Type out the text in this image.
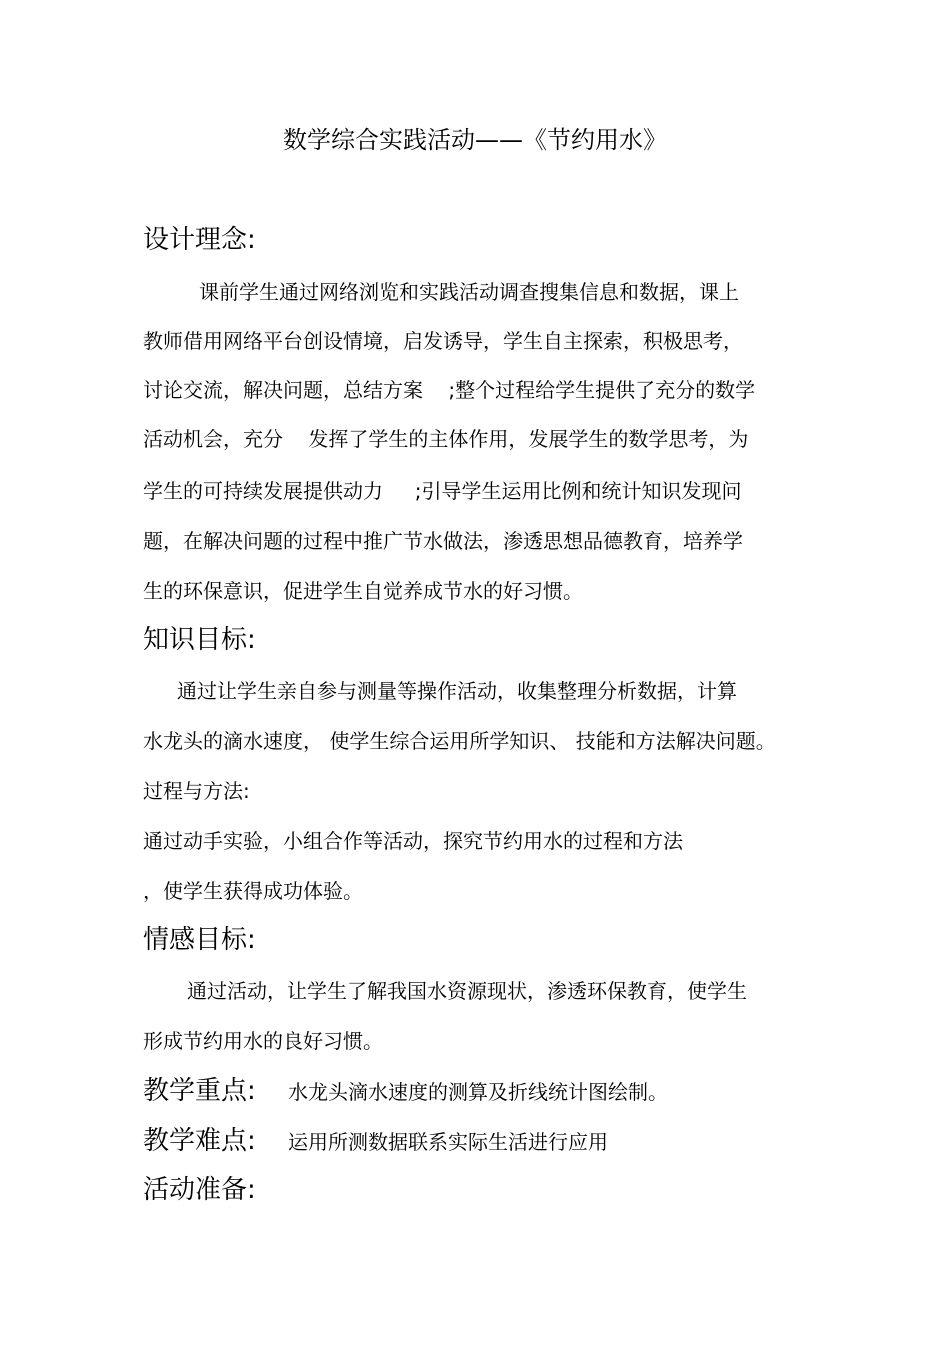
数学综合实践活动——《节约用水》
设计理念:
课前学生通过网络浏览和实践活动调查搜集信息和数据，课上
教师借用网络平台创设情境，启发诱导，学生自主探索，积极思考，
讨论交流，解决问题，总结方案    ;整个过程给学生提供了充分的数学
活动机会，充分    发挥了学生的主体作用，发展学生的数学思考，为
学生的可持续发展提供动力     ;引导学生运用比例和统计知识发现问
题，在解决问题的过程中推广节水做法，渗透思想品德教育，培养学
生的环保意识，促进学生自觉养成节水的好习惯。
知识目标:
通过让学生亲自参与测量等操作活动，收集整理分析数据，计算
水龙头的滴水速度， 使学生综合运用所学知识、 技能和方法解决问题。
过程与方法:
通过动手实验，小组合作等活动，探究节约用水的过程和方法
，使学生获得成功体验。
情感目标:
通过活动，让学生了解我国水资源现状，渗透环保教育，使学生
形成节约用水的良好习惯。
教学重点: 水龙头滴水速度的测算及折线统计图绘制。
教学难点: 运用所测数据联系实际生活进行应用
活动准备:
